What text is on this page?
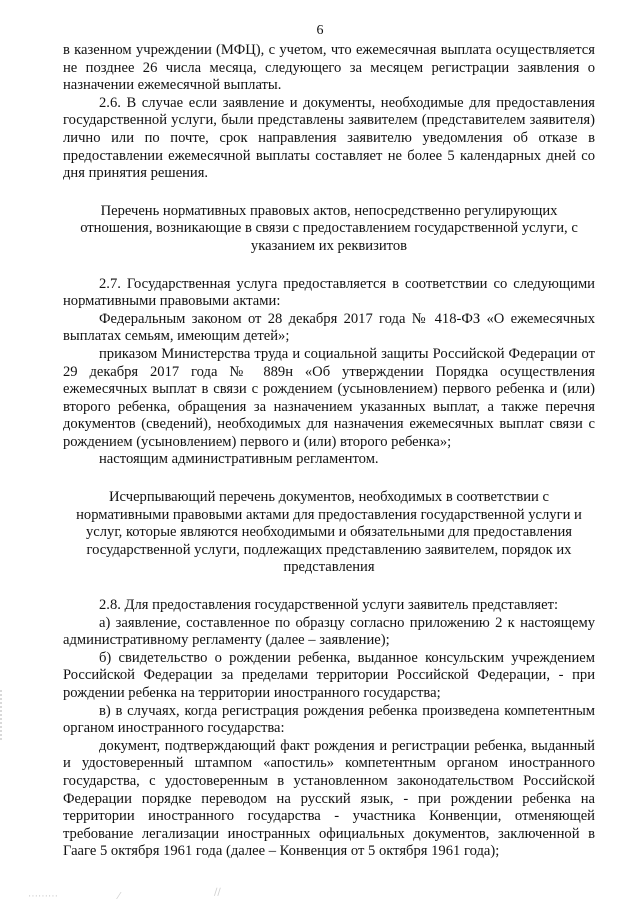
6

в казенном учреждении (МФЦ), с учетом, что ежемесячная выплата осуществляется не позднее 26 числа месяца, следующего за месяцем регистрации заявления о назначении ежемесячной выплаты.

2.6. В случае если заявление и документы, необходимые для предоставления государственной услуги, были представлены заявителем (представителем заявителя) лично или по почте, срок направления заявителю уведомления об отказе в предоставлении ежемесячной выплаты составляет не более 5 календарных дней со дня принятия решения.

Перечень нормативных правовых актов, непосредственно регулирующих отношения, возникающие в связи с предоставлением государственной услуги, с указанием их реквизитов

2.7. Государственная услуга предоставляется в соответствии со следующими нормативными правовыми актами:

Федеральным законом от 28 декабря 2017 года № 418-ФЗ «О ежемесячных выплатах семьям, имеющим детей»;

приказом Министерства труда и социальной защиты Российской Федерации от 29 декабря 2017 года № 889н «Об утверждении Порядка осуществления ежемесячных выплат в связи с рождением (усыновлением) первого ребенка и (или) второго ребенка, обращения за назначением указанных выплат, а также перечня документов (сведений), необходимых для назначения ежемесячных выплат связи с рождением (усыновлением) первого и (или) второго ребенка»;

настоящим административным регламентом.

Исчерпывающий перечень документов, необходимых в соответствии с нормативными правовыми актами для предоставления государственной услуги и услуг, которые являются необходимыми и обязательными для предоставления государственной услуги, подлежащих представлению заявителем, порядок их представления

2.8. Для предоставления государственной услуги заявитель представляет:

а) заявление, составленное по образцу согласно приложению 2 к настоящему административному регламенту (далее – заявление);

б) свидетельство о рождении ребенка, выданное консульским учреждением Российской Федерации за пределами территории Российской Федерации, - при рождении ребенка на территории иностранного государства;

в) в случаях, когда регистрация рождения ребенка произведена компетентным органом иностранного государства:

документ, подтверждающий факт рождения и регистрации ребенка, выданный и удостоверенный штампом «апостиль» компетентным органом иностранного государства, с удостоверенным в установленном законодательством Российской Федерации порядке переводом на русский язык, - при рождении ребенка на территории иностранного государства - участника Конвенции, отменяющей требование легализации иностранных официальных документов, заключенной в Гааге 5 октября 1961 года (далее – Конвенция от 5 октября 1961 года);

⋯⋯⋯	⁄	∕∕
